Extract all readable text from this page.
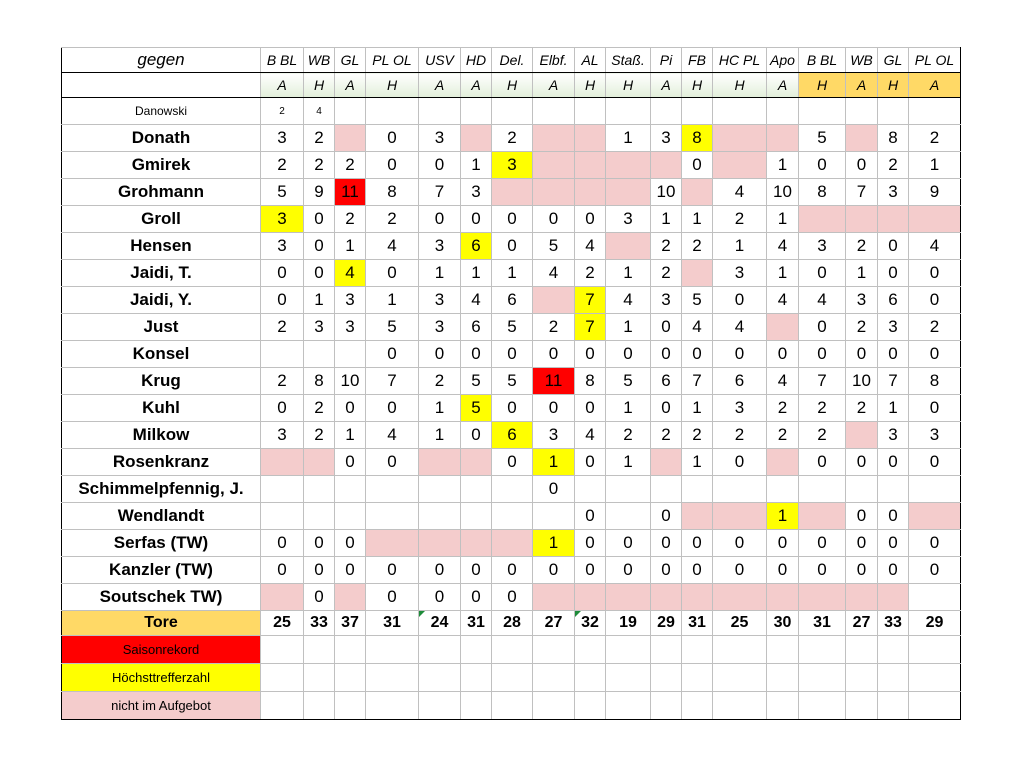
gegen	B BL	WB	GL	PL OL	USV	HD	Del.	Elbf.	AL	Staß.	Pi	FB	HC PL	Apo	B BL	WB	GL	PL OL
	A	H	A	H	A	A	H	A	H	H	A	H	H	A	H	A	H	A
Danowski	2	4																
Donath	3	2		0	3		2			1	3	8			5		8	2
Gmirek	2	2	2	0	0	1	3					0		1	0	0	2	1
Grohmann	5	9	11	8	7	3					10		4	10	8	7	3	9
Groll	3	0	2	2	0	0	0	0	0	3	1	1	2	1				
Hensen	3	0	1	4	3	6	0	5	4		2	2	1	4	3	2	0	4
Jaidi, T.	0	0	4	0	1	1	1	4	2	1	2		3	1	0	1	0	0
Jaidi, Y.	0	1	3	1	3	4	6		7	4	3	5	0	4	4	3	6	0
Just	2	3	3	5	3	6	5	2	7	1	0	4	4		0	2	3	2
Konsel				0	0	0	0	0	0	0	0	0	0	0	0	0	0	0
Krug	2	8	10	7	2	5	5	11	8	5	6	7	6	4	7	10	7	8
Kuhl	0	2	0	0	1	5	0	0	0	1	0	1	3	2	2	2	1	0
Milkow	3	2	1	4	1	0	6	3	4	2	2	2	2	2	2		3	3
Rosenkranz			0	0			0	1	0	1		1	0		0	0	0	0
Schimmelpfennig, J.								0										
Wendlandt									0		0			1		0	0	
Serfas (TW)	0	0	0					1	0	0	0	0	0	0	0	0	0	0
Kanzler (TW)	0	0	0	0	0	0	0	0	0	0	0	0	0	0	0	0	0	0
Soutschek TW)		0		0	0	0	0											
Tore	25	33	37	31	24	31	28	27	32	19	29	31	25	30	31	27	33	29
Saisonrekord																		
Höchsttrefferzahl																		
nicht im Aufgebot																		
